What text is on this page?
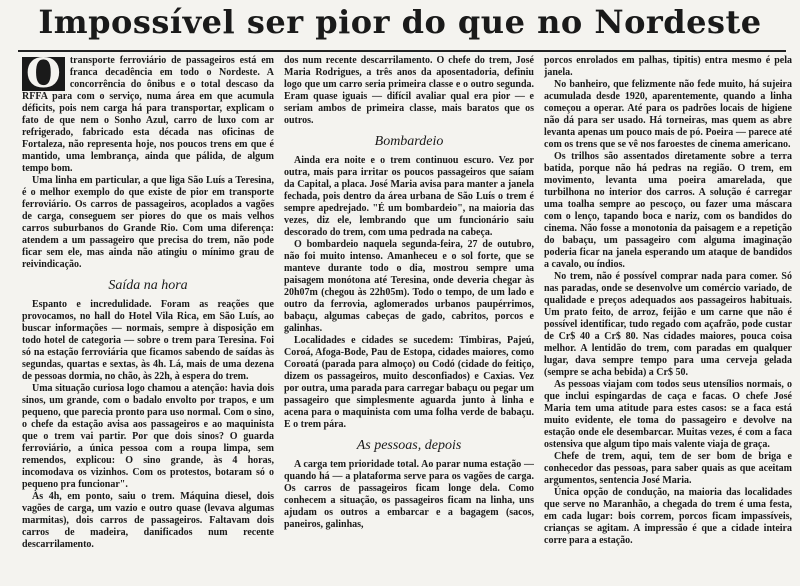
Impossível ser pior do que no Nordeste

O transporte ferroviário de passageiros está em franca decadência em todo o Nordeste. A concorrência do ônibus e o total descaso da RFFA para com o serviço, numa área em que acumula déficits, pois nem carga há para transportar, explicam o fato de que nem o Sonho Azul, carro de luxo com ar refrigerado, fabricado esta década nas oficinas de Fortaleza, não representa hoje, nos poucos trens em que é mantido, uma lembrança, ainda que pálida, de algum tempo bom.

Uma linha em particular, a que liga São Luís a Teresina, é o melhor exemplo do que existe de pior em transporte ferroviário. Os carros de passageiros, acoplados a vagões de carga, conseguem ser piores do que os mais velhos carros suburbanos do Grande Rio. Com uma diferença: atendem a um passageiro que precisa do trem, não pode ficar sem ele, mas ainda não atingiu o mínimo grau de reivindicação.

Saída na hora

Espanto e incredulidade. Foram as reações que provocamos, no hall do Hotel Vila Rica, em São Luís, ao buscar informações — normais, sempre à disposição em todo hotel de categoria — sobre o trem para Teresina. Foi só na estação ferroviária que ficamos sabendo de saídas às segundas, quartas e sextas, às 4h. Lá, mais de uma dezena de pessoas dormia, no chão, às 22h, à espera do trem.

Uma situação curiosa logo chamou a atenção: havia dois sinos, um grande, com o badalo envolto por trapos, e um pequeno, que parecia pronto para uso normal. Com o sino, o chefe da estação avisa aos passageiros e ao maquinista que o trem vai partir. Por que dois sinos? O guarda ferroviário, a única pessoa com a roupa limpa, sem remendos, explicou: O sino grande, às 4 horas, incomodava os vizinhos. Com os protestos, botaram só o pequeno pra funcionar".

Às 4h, em ponto, saiu o trem. Máquina diesel, dois vagões de carga, um vazio e outro quase (levava algumas marmitas), dois carros de passageiros. Faltavam dois carros de madeira, danificados num recente descarrilamento.

dos num recente descarrilamento. O chefe do trem, José Maria Rodrigues, a três anos da aposentadoria, definiu logo que um carro seria primeira classe e o outro segunda. Eram quase iguais — difícil avaliar qual era pior — e seriam ambos de primeira classe, mais baratos que os outros.

Bombardeio

Ainda era noite e o trem continuou escuro. Vez por outra, mais para irritar os poucos passageiros que saíam da Capital, a placa. José Maria avisa para manter a janela fechada, pois dentro da área urbana de São Luís o trem é sempre apedrejado. "É um bombardeio", na maioria das vezes, diz ele, lembrando que um funcionário saiu descorado do trem, com uma pedrada na cabeça.

O bombardeio naquela segunda-feira, 27 de outubro, não foi muito intenso. Amanheceu e o sol forte, que se manteve durante todo o dia, mostrou sempre uma paisagem monótona até Teresina, onde deveria chegar às 20h07m (chegou às 22h05m). Todo o tempo, de um lado e outro da ferrovia, aglomerados urbanos paupérrimos, babaçu, algumas cabeças de gado, cabritos, porcos e galinhas.

Localidades e cidades se sucedem: Timbiras, Pajeú, Coroá, Afoga-Bode, Pau de Estopa, cidades maiores, como Coroatá (parada para almoço) ou Codó (cidade do feitiço, dizem os passageiros, muito desconfiados) e Caxias. Vez por outra, uma parada para carregar babaçu ou pegar um passageiro que simplesmente aguarda junto à linha e acena para o maquinista com uma folha verde de babaçu. E o trem pára.

As pessoas, depois

A carga tem prioridade total. Ao parar numa estação — quando há — a plataforma serve para os vagões de carga. Os carros de passageiros ficam longe dela. Como conhecem a situação, os passageiros ficam na linha, uns ajudam os outros a embarcar e a bagagem (sacos, paneiros, galinhas,

porcos enrolados em palhas, tipitis) entra mesmo é pela janela.

No banheiro, que felizmente não fede muito, há sujeira acumulada desde 1920, aparentemente, quando a linha começou a operar. Até para os padrões locais de higiene não dá para ser usado. Há torneiras, mas quem as abre levanta apenas um pouco mais de pó. Poeira — parece até com os trens que se vê nos faroestes de cinema americano.

Os trilhos são assentados diretamente sobre a terra batida, porque não há pedras na região. O trem, em movimento, levanta uma poeira amarelada, que turbilhona no interior dos carros. A solução é carregar uma toalha sempre ao pescoço, ou fazer uma máscara com o lenço, tapando boca e nariz, com os bandidos do cinema. Não fosse a monotonia da paisagem e a repetição do babaçu, um passageiro com alguma imaginação poderia ficar na janela esperando um ataque de bandidos a cavalo, ou índios.

No trem, não é possível comprar nada para comer. Só nas paradas, onde se desenvolve um comércio variado, de qualidade e preços adequados aos passageiros habituais. Um prato feito, de arroz, feijão e um carne que não é possível identificar, tudo regado com açafrão, pode custar de Cr$ 40 a Cr$ 80. Nas cidades maiores, pouca coisa melhor. A lentidão do trem, com paradas em qualquer lugar, dava sempre tempo para uma cerveja gelada (sempre se acha bebida) a Cr$ 50.

As pessoas viajam com todos seus utensílios normais, o que inclui espingardas de caça e facas. O chefe José Maria tem uma atitude para estes casos: se a faca está muito evidente, ele toma do passageiro e devolve na estação onde ele desembarcar. Muitas vezes, é com a faca ostensiva que algum tipo mais valente viaja de graça.

Chefe de trem, aqui, tem de ser bom de briga e conhecedor das pessoas, para saber quais as que aceitam argumentos, sentencia José Maria.

Única opção de condução, na maioria das localidades que serve no Maranhão, a chegada do trem é uma festa, em cada lugar: bois correm, porcos ficam impassíveis, crianças se agitam. A impressão é que a cidade inteira corre para a estação.
